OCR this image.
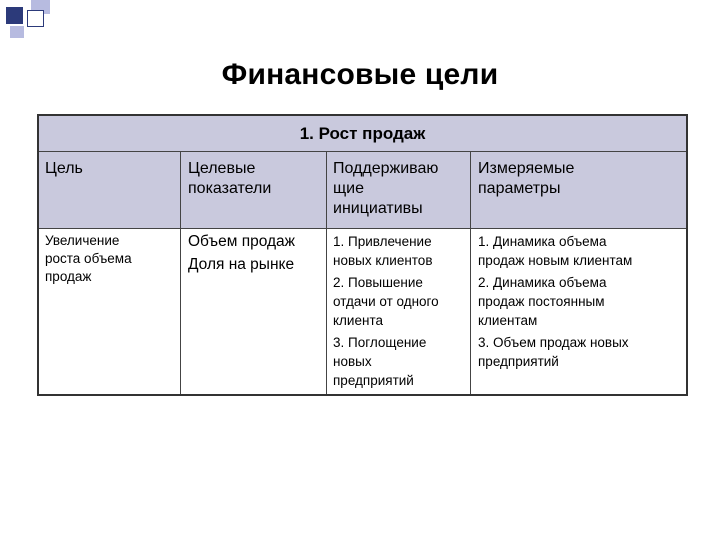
Финансовые цели
1. Рост продаж
Цель	Целевые
показатели
Поддерживаю
щие
инициативы
Измеряемые
параметры
Увеличение
роста объема
продаж
Объем продаж
Доля на рынке
1. Привлечение
новых клиентов
2. Повышение
отдачи от одного
клиента
3. Поглощение
новых
предприятий
1. Динамика объема
продаж новым клиентам
2. Динамика объема
продаж постоянным
клиентам
3. Объем продаж новых
предприятий
